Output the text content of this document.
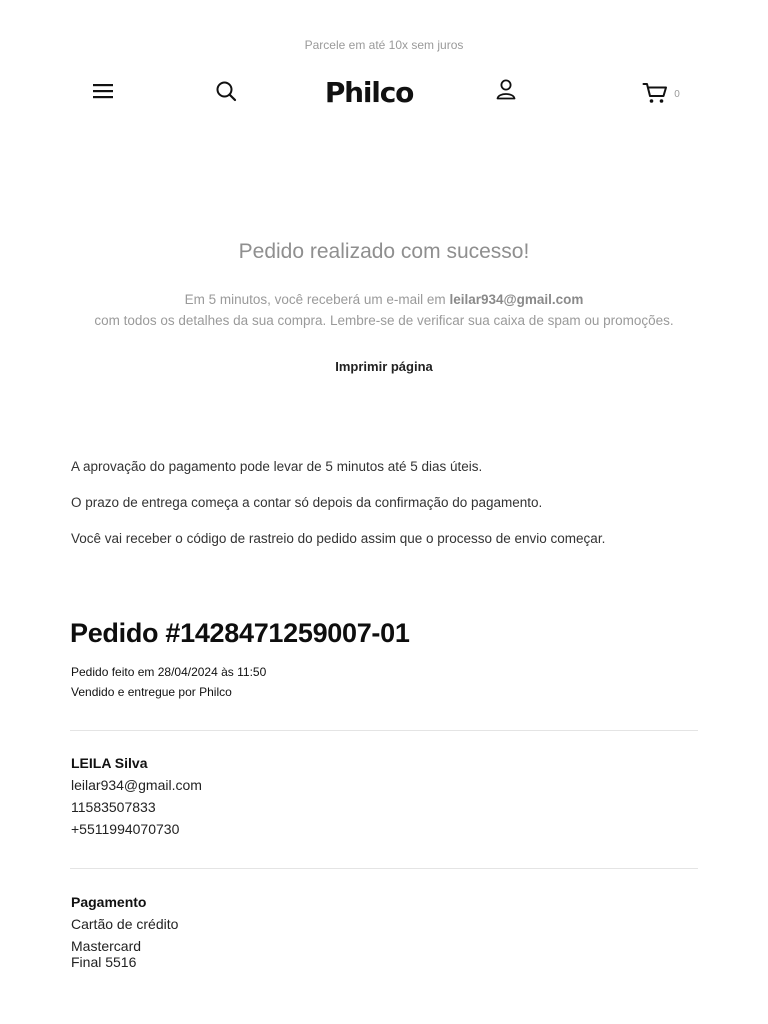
Parcele em até 10x sem juros
Philco	0
Pedido realizado com sucesso!
Em 5 minutos, você receberá um e-mail em leilar934@gmail.com
com todos os detalhes da sua compra. Lembre-se de verificar sua caixa de spam ou promoções.
Imprimir página
A aprovação do pagamento pode levar de 5 minutos até 5 dias úteis.
O prazo de entrega começa a contar só depois da confirmação do pagamento.
Você vai receber o código de rastreio do pedido assim que o processo de envio começar.
Pedido #1428471259007-01
Pedido feito em 28/04/2024 às 11:50
Vendido e entregue por Philco
LEILA Silva
leilar934@gmail.com
11583507833
+5511994070730
Pagamento
Cartão de crédito
Mastercard
Final 5516
